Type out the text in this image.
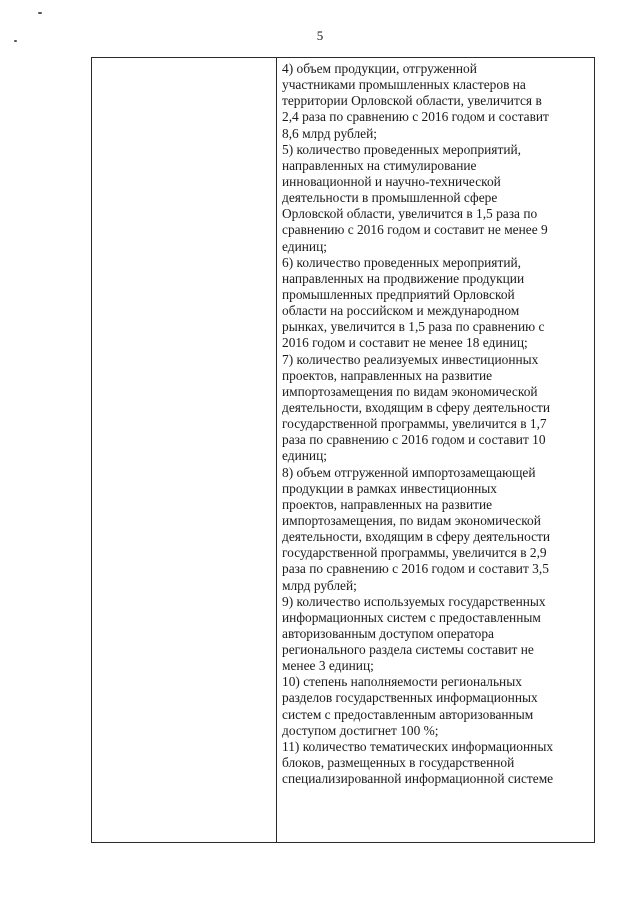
5
4) объем продукции, отгруженной
участниками промышленных кластеров на
территории Орловской области, увеличится в
2,4 раза по сравнению с 2016 годом и составит
8,6 млрд рублей;
5) количество проведенных мероприятий,
направленных на стимулирование
инновационной и научно-технической
деятельности в промышленной сфере
Орловской области, увеличится в 1,5 раза по
сравнению с 2016 годом и составит не менее 9
единиц;
6) количество проведенных мероприятий,
направленных на продвижение продукции
промышленных предприятий Орловской
области на российском и международном
рынках, увеличится в 1,5 раза по сравнению с
2016 годом и составит не менее 18 единиц;
7) количество реализуемых инвестиционных
проектов, направленных на развитие
импортозамещения по видам экономической
деятельности, входящим в сферу деятельности
государственной программы, увеличится в 1,7
раза по сравнению с 2016 годом и составит 10
единиц;
8) объем отгруженной импортозамещающей
продукции в рамках инвестиционных
проектов, направленных на развитие
импортозамещения, по видам экономической
деятельности, входящим в сферу деятельности
государственной программы, увеличится в 2,9
раза по сравнению с 2016 годом и составит 3,5
млрд рублей;
9) количество используемых государственных
информационных систем с предоставленным
авторизованным доступом оператора
регионального раздела системы составит не
менее 3 единиц;
10) степень наполняемости региональных
разделов государственных информационных
систем с предоставленным авторизованным
доступом достигнет 100 %;
11) количество тематических информационных
блоков, размещенных в государственной
специализированной информационной системе
